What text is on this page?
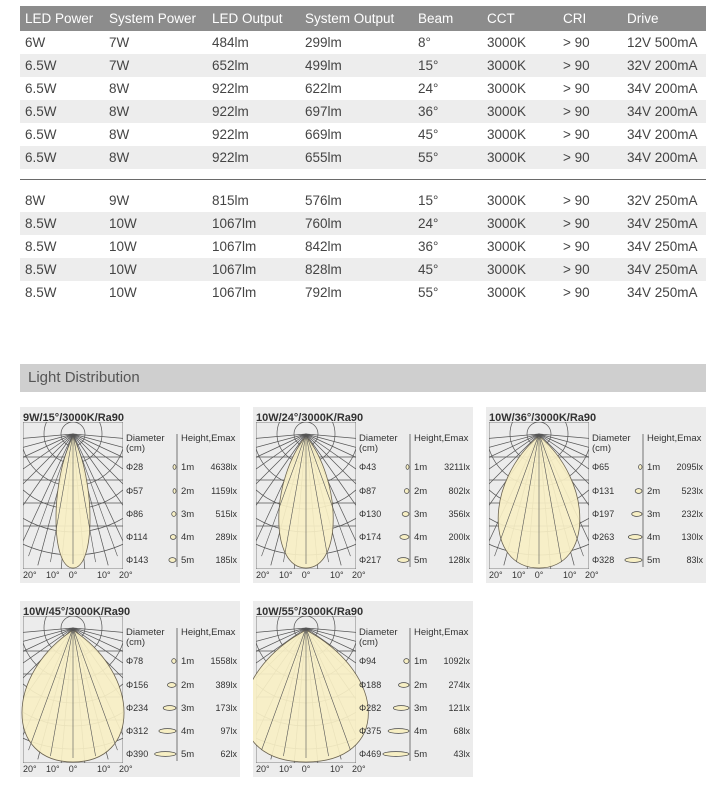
LED Power	System Power	LED Output	System Output	Beam	CCT	CRI	Drive
6W	7W	484lm	299lm	8°	3000K	> 90	12V 500mA
6.5W	7W	652lm	499lm	15°	3000K	> 90	32V 200mA
6.5W	8W	922lm	622lm	24°	3000K	> 90	34V 200mA
6.5W	8W	922lm	697lm	36°	3000K	> 90	34V 200mA
6.5W	8W	922lm	669lm	45°	3000K	> 90	34V 200mA
6.5W	8W	922lm	655lm	55°	3000K	> 90	34V 200mA
8W	9W	815lm	576lm	15°	3000K	> 90	32V 250mA
8.5W	10W	1067lm	760lm	24°	3000K	> 90	34V 250mA
8.5W	10W	1067lm	842lm	36°	3000K	> 90	34V 250mA
8.5W	10W	1067lm	828lm	45°	3000K	> 90	34V 250mA
8.5W	10W	1067lm	792lm	55°	3000K	> 90	34V 250mA
Light Distribution
9W/15°/3000K/Ra90
Diameter
(cm)
Height,Emax
Φ28	1m 4638lx
Φ57	2m 1159lx
Φ86	3m 515lx
Φ114	4m 289lx
Φ143	5m 185lx
20° 10° 0° 10° 20°
10W/24°/3000K/Ra90
Diameter
(cm)
Height,Emax
Φ43	1m 3211lx
Φ87	2m 802lx
Φ130	3m 356lx
Φ174	4m 200lx
Φ217	5m 128lx
20° 10° 0° 10° 20°
10W/36°/3000K/Ra90
Diameter
(cm)
Height,Emax
Φ65	1m 2095lx
Φ131	2m 523lx
Φ197	3m 232lx
Φ263	4m 130lx
Φ328	5m	83lx
20° 10° 0° 10° 20°
10W/45°/3000K/Ra90
Diameter
(cm)
Height,Emax
Φ78	1m 1558lx
Φ156	2m 389lx
Φ234	3m 173lx
Φ312	4m	97lx
Φ390	5m	62lx
20° 10° 0° 10° 20°
10W/55°/3000K/Ra90
Diameter
(cm)
Height,Emax
Φ94	1m 1092lx
Φ188	2m 274lx
Φ282	3m 121lx
Φ375	4m	68lx
Φ469	5m	43lx
20° 10° 0° 10° 20°
